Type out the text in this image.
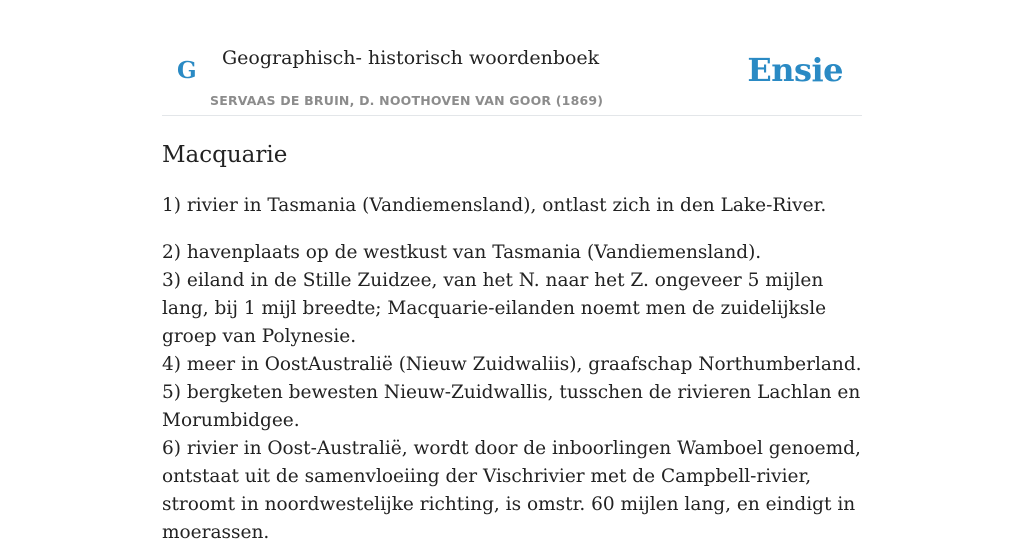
G Geographisch- historisch woordenboek
SERVAAS DE BRUIN, D. NOOTHOVEN VAN GOOR (1869)
Ensie
Macquarie

1) rivier in Tasmania (Vandiemensland), ontlast zich in den Lake-River.

2) havenplaats op de westkust van Tasmania (Vandiemensland).
3) eiland in de Stille Zuidzee, van het N. naar het Z. ongeveer 5 mijlen lang, bij 1 mijl breedte; Macquarie-eilanden noemt men de zuidelijksle groep van Polynesie.
4) meer in OostAustralië (Nieuw Zuidwaliis), graafschap Northumberland.
5) bergketen bewesten Nieuw-Zuidwallis, tusschen de rivieren Lachlan en Morumbidgee.
6) rivier in Oost-Australië, wordt door de inboorlingen Wamboel genoemd, ontstaat uit de samenvloeiing der Vischrivier met de Campbell-rivier, stroomt in noordwestelijke richting, is omstr. 60 mijlen lang, en eindigt in moerassen.
